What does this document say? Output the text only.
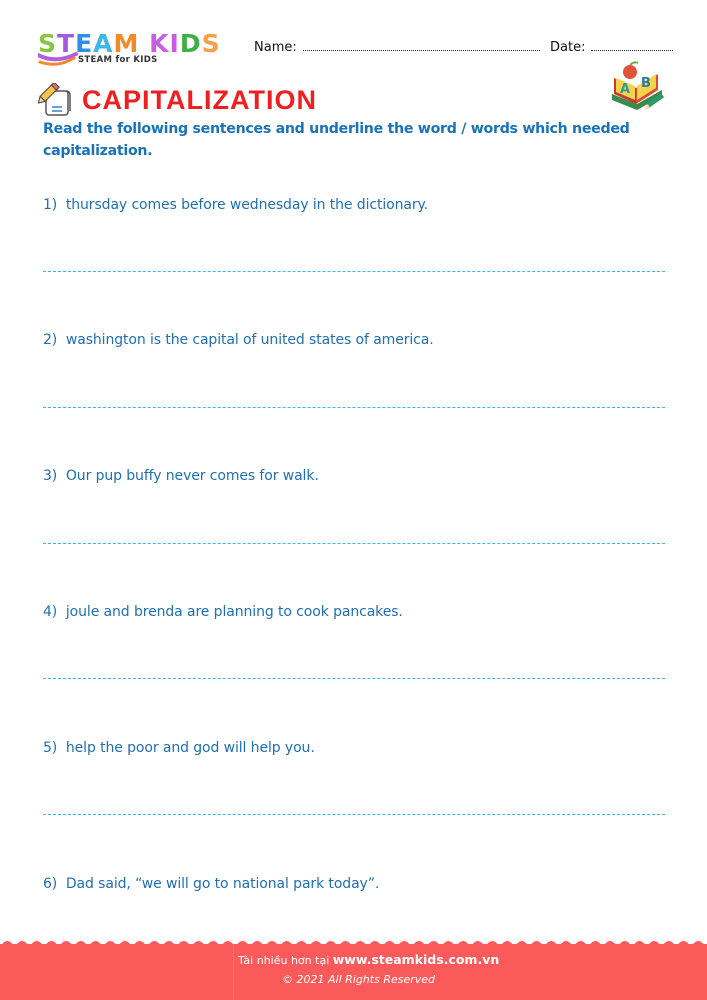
STEAM KIDS
STEAM for KIDS
Name:	Date:
CAPITALIZATION	A B
Read the following sentences and underline the word / words which needed capitalization.
1) thursday comes before wednesday in the dictionary.
2) washington is the capital of united states of america.
3) Our pup buffy never comes for walk.
4) joule and brenda are planning to cook pancakes.
5) help the poor and god will help you.
6) Dad said, “we will go to national park today”.
Tài nhiều hơn tại www.steamkids.com.vn
© 2021 All Rights Reserved
